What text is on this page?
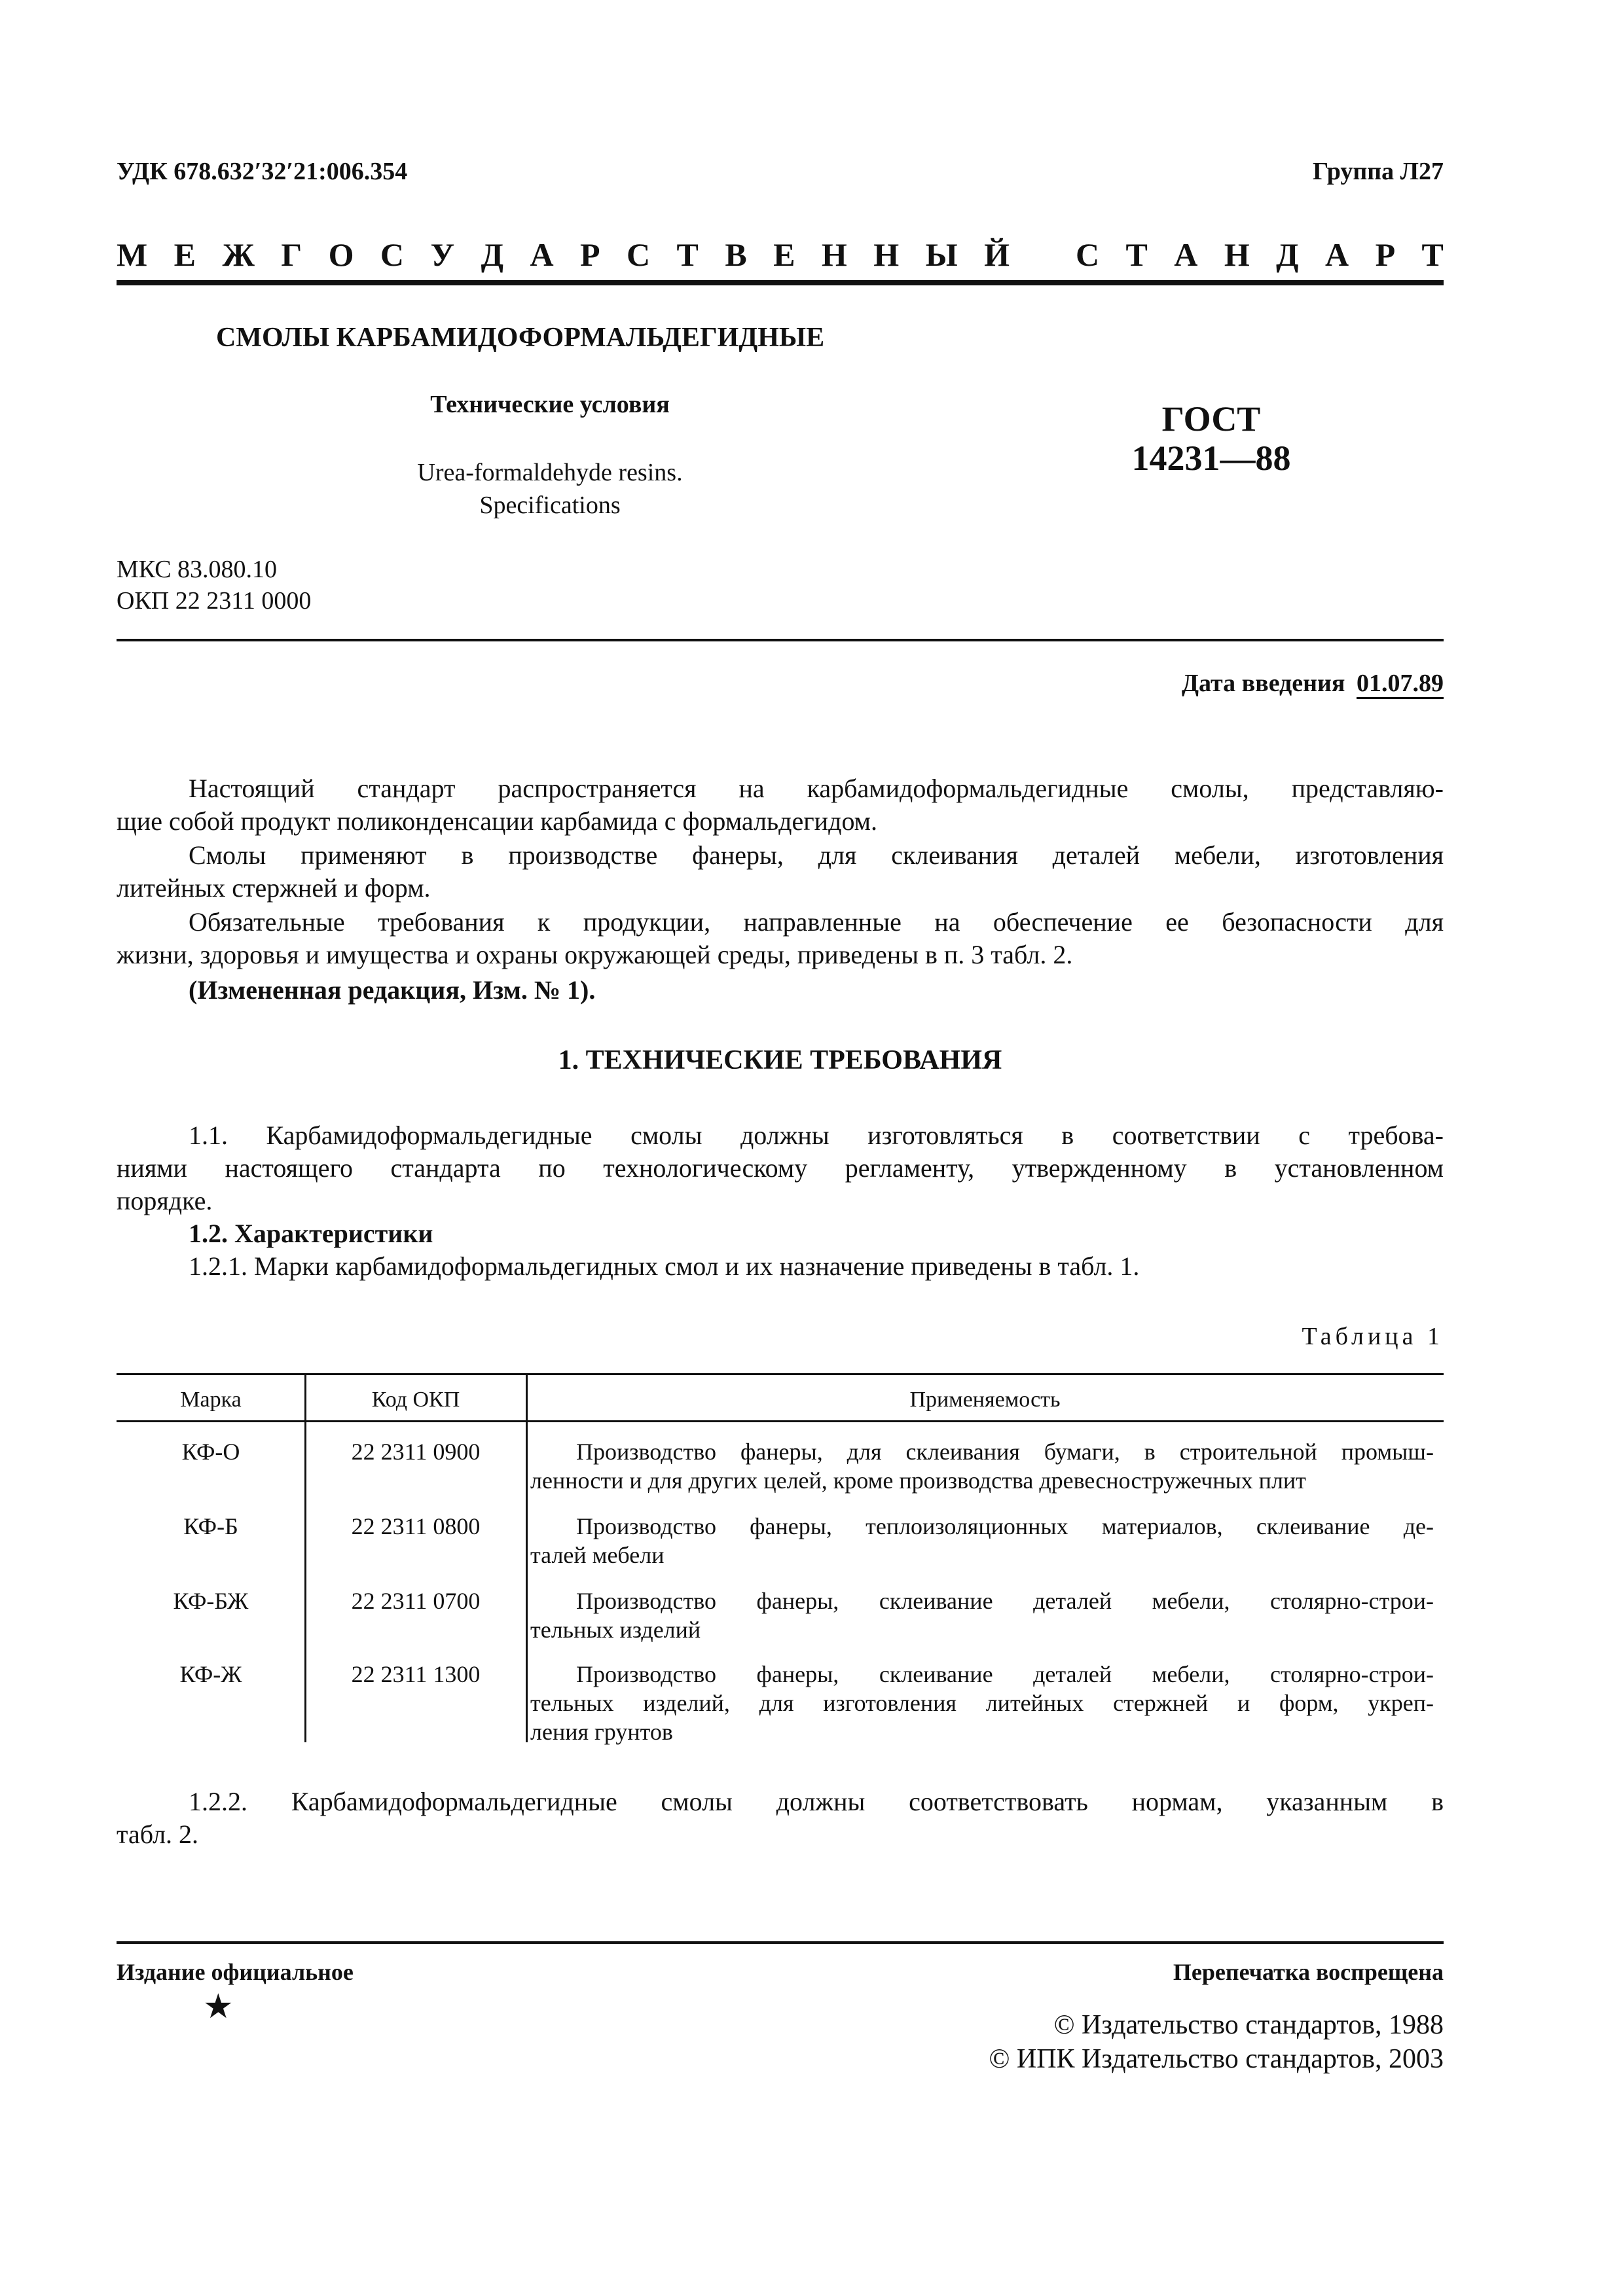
УДК 678.632′32′21:006.354	Группа Л27
М Е Ж Г О С У Д А Р С Т В Е Н Н Ы Й
С Т А Н Д А Р Т
СМОЛЫ КАРБАМИДОФОРМАЛЬДЕГИДНЫЕ
Технические условия
Urea-formaldehyde resins.
Specifications
ГОСТ
14231—88
МКС 83.080.10
ОКП 22 2311 0000
Дата введения 01.07.89
Настоящий стандарт распространяется на карбамидоформальдегидные смолы, представляю-
щие собой продукт поликонденсации карбамида с формальдегидом.
Смолы применяют в производстве фанеры, для склеивания деталей мебели, изготовления
литейных стержней и форм.
Обязательные требования к продукции, направленные на обеспечение ее безопасности для
жизни, здоровья и имущества и охраны окружающей среды, приведены в п. 3 табл. 2.
(Измененная редакция, Изм. № 1).
1. ТЕХНИЧЕСКИЕ ТРЕБОВАНИЯ
1.1. Карбамидоформальдегидные смолы должны изготовляться в соответствии с требова-
ниями настоящего стандарта по технологическому регламенту, утвержденному в установленном
порядке.
1.2. Характеристики
1.2.1. Марки карбамидоформальдегидных смол и их назначение приведены в табл. 1.
Таблица 1
Марка	Код ОКП	Применяемость
КФ-О	22 2311 0900	Производство фанеры, для склеивания бумаги, в строительной промыш-
ленности и для других целей, кроме производства древесностружечных плит
КФ-Б	22 2311 0800	Производство фанеры, теплоизоляционных материалов, склеивание де-
талей мебели
КФ-БЖ	22 2311 0700	Производство фанеры, склеивание деталей мебели, столярно-строи-
тельных изделий
КФ-Ж	22 2311 1300	Производство фанеры, склеивание деталей мебели, столярно-строи-
тельных изделий, для изготовления литейных стержней и форм, укреп-
ления грунтов
1.2.2. Карбамидоформальдегидные смолы должны соответствовать нормам, указанным в
табл. 2.
Издание официальное	Перепечатка воспрещена
★	© Издательство стандартов, 1988
© ИПК Издательство стандартов, 2003
